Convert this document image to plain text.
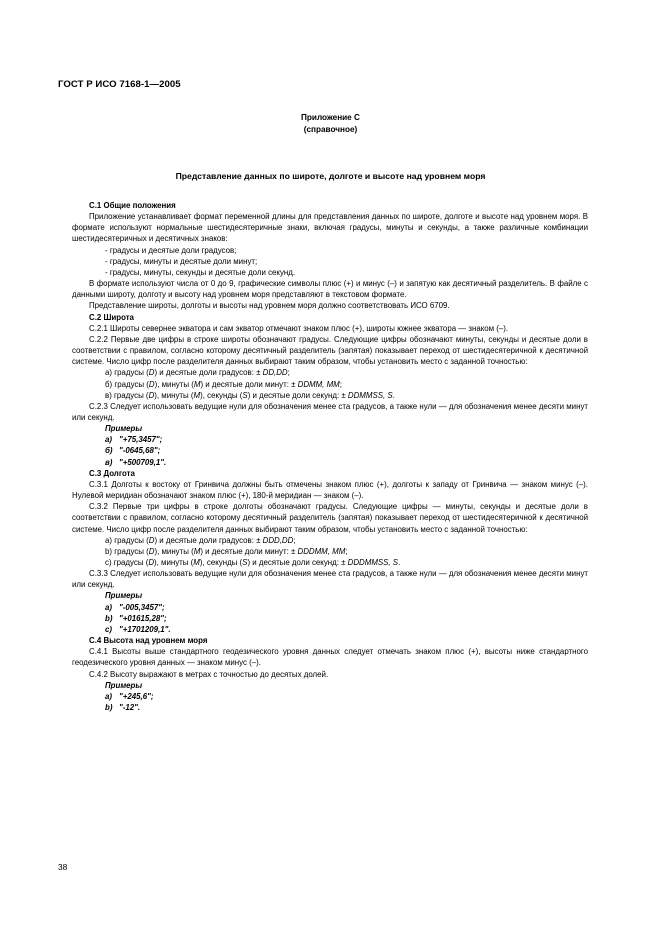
ГОСТ Р ИСО 7168-1—2005
Приложение С
(справочное)
Представление данных по широте, долготе и высоте над уровнем моря

С.1 Общие положения

Приложение устанавливает формат переменной длины для представления данных по широте, долготе и высоте над уровнем моря. В формате используют нормальные шестидесятеричные знаки, включая градусы, минуты и секунды, а также различные комбинации шестидесятеричных и десятичных знаков:

- градусы и десятые доли градусов;

- градусы, минуты и десятые доли минут;

- градусы, минуты, секунды и десятые доли секунд.

В формате используют числа от 0 до 9, графические символы плюс (+) и минус (–) и запятую как десятичный разделитель. В файле с данными широту, долготу и высоту над уровнем моря представляют в текстовом формате.

Представление широты, долготы и высоты над уровнем моря должно соответствовать ИСО 6709.

С.2 Широта

С.2.1 Широты севернее экватора и сам экватор отмечают знаком плюс (+), широты южнее экватора — знаком (–).

С.2.2 Первые две цифры в строке широты обозначают градусы. Следующие цифры обозначают минуты, секунды и десятые доли в соответствии с правилом, согласно которому десятичный разделитель (запятая) показывает переход от шестидесятеричной к десятичной системе. Число цифр после разделителя данных выбирают таким образом, чтобы установить место с заданной точностью:

а) градусы (D) и десятые доли градусов: ± DD,DD;

б) градусы (D), минуты (M) и десятые доли минут: ± DDMM, MM;

в) градусы (D), минуты (M), секунды (S) и десятые доли секунд: ± DDMMSS, S.

С.2.3 Следует использовать ведущие нули для обозначения менее ста градусов, а также нули — для обозначения менее десяти минут или секунд.

Примеры

а) "+75,3457";

б) "-0645,68";

в) "+500709,1".

С.3 Долгота

С.3.1 Долготы к востоку от Гринвича должны быть отмечены знаком плюс (+), долготы к западу от Гринвича — знаком минус (–). Нулевой меридиан обозначают знаком плюс (+), 180-й меридиан — знаком (–).

С.3.2 Первые три цифры в строке долготы обозначают градусы. Следующие цифры — минуты, секунды и десятые доли в соответствии с правилом, согласно которому десятичный разделитель (запятая) показывает переход от шестидесятеричной к десятичной системе. Число цифр после разделителя данных выбирают таким образом, чтобы установить место с заданной точностью:

a) градусы (D) и десятые доли градусов: ± DDD,DD;

b) градусы (D), минуты (M) и десятые доли минут: ± DDDMM, MM;

c) градусы (D), минуты (M), секунды (S) и десятые доли секунд: ± DDDMMSS, S.

С.3.3 Следует использовать ведущие нули для обозначения менее ста градусов, а также нули — для обозначения менее десяти минут или секунд.

Примеры

a) "-005,3457";

b) "+01615,28";

c) "+1701209,1".

С.4 Высота над уровнем моря

С.4.1 Высоты выше стандартного геодезического уровня данных следует отмечать знаком плюс (+), высоты ниже стандартного геодезического уровня данных — знаком минус (–).

С.4.2 Высоту выражают в метрах с точностью до десятых долей.

Примеры

а) "+245,6";

b) "-12".

38
